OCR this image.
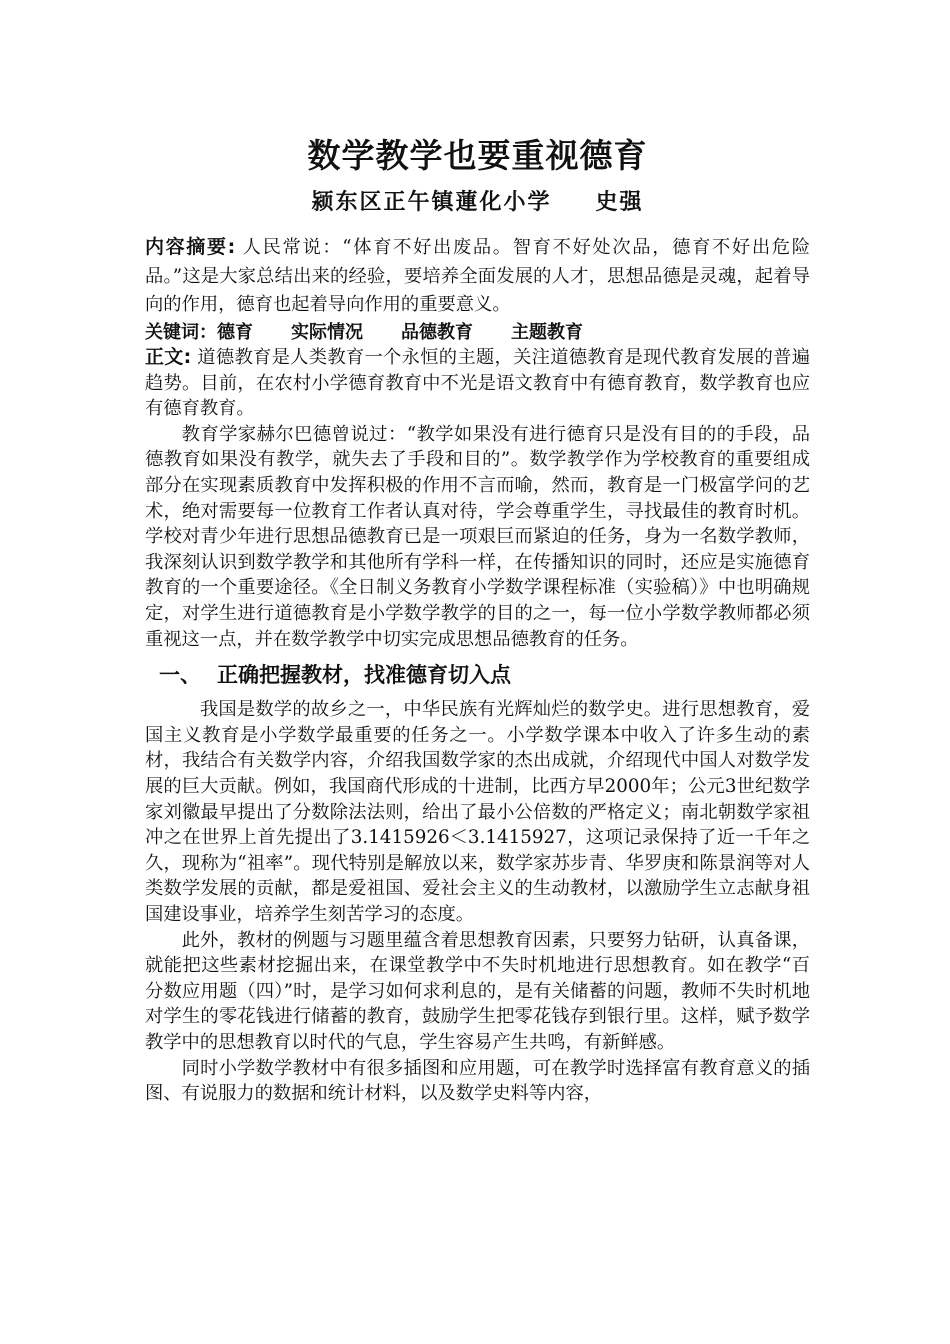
数学教学也要重视德育
颍东区正午镇蓮化小学 史强

内容摘要: 人民常说：“体育不好出废品。智育不好处次品，德育不好出危险品。”这是大家总结出来的经验，要培养全面发展的人才，思想品德是灵魂，起着导向的作用，德育也起着导向作用的重要意义。

关键词：德育 实际情况 品德教育 主题教育

正文: 道德教育是人类教育一个永恒的主题，关注道德教育是现代教育发展的普遍趋势。目前，在农村小学德育教育中不光是语文教育中有德育教育，数学教育也应有德育教育。

教育学家赫尔巴德曾说过：“教学如果没有进行德育只是没有目的的手段，品德教育如果没有教学，就失去了手段和目的”。数学教学作为学校教育的重要组成部分在实现素质教育中发挥积极的作用不言而喻，然而，教育是一门极富学问的艺术，绝对需要每一位教育工作者认真对待，学会尊重学生，寻找最佳的教育时机。学校对青少年进行思想品德教育已是一项艰巨而紧迫的任务，身为一名数学教师，我深刻认识到数学教学和其他所有学科一样，在传播知识的同时，还应是实施德育教育的一个重要途径。《全日制义务教育小学数学课程标准（实验稿）》中也明确规定，对学生进行道德教育是小学数学教学的目的之一，每一位小学数学教师都必须重视这一点，并在数学教学中切实完成思想品德教育的任务。

一、 正确把握教材，找准德育切入点

我国是数学的故乡之一，中华民族有光辉灿烂的数学史。进行思想教育，爱国主义教育是小学数学最重要的任务之一。小学数学课本中收入了许多生动的素材，我结合有关数学内容，介绍我国数学家的杰出成就，介绍现代中国人对数学发展的巨大贡献。例如，我国商代形成的十进制，比西方早2000年；公元3世纪数学家刘徽最早提出了分数除法法则，给出了最小公倍数的严格定义；南北朝数学家祖冲之在世界上首先提出了3.1415926＜3.1415927，这项记录保持了近一千年之久，现称为“祖率”。现代特别是解放以来，数学家苏步青、华罗庚和陈景润等对人类数学发展的贡献，都是爱祖国、爱社会主义的生动教材，以激励学生立志献身祖国建设事业，培养学生刻苦学习的态度。

此外，教材的例题与习题里蕴含着思想教育因素，只要努力钻研，认真备课，就能把这些素材挖掘出来，在课堂教学中不失时机地进行思想教育。如在教学“百分数应用题（四）”时，是学习如何求利息的，是有关储蓄的问题，教师不失时机地对学生的零花钱进行储蓄的教育，鼓励学生把零花钱存到银行里。这样，赋予数学教学中的思想教育以时代的气息，学生容易产生共鸣，有新鲜感。

同时小学数学教材中有很多插图和应用题，可在教学时选择富有教育意义的插图、有说服力的数据和统计材料，以及数学史料等内容，
